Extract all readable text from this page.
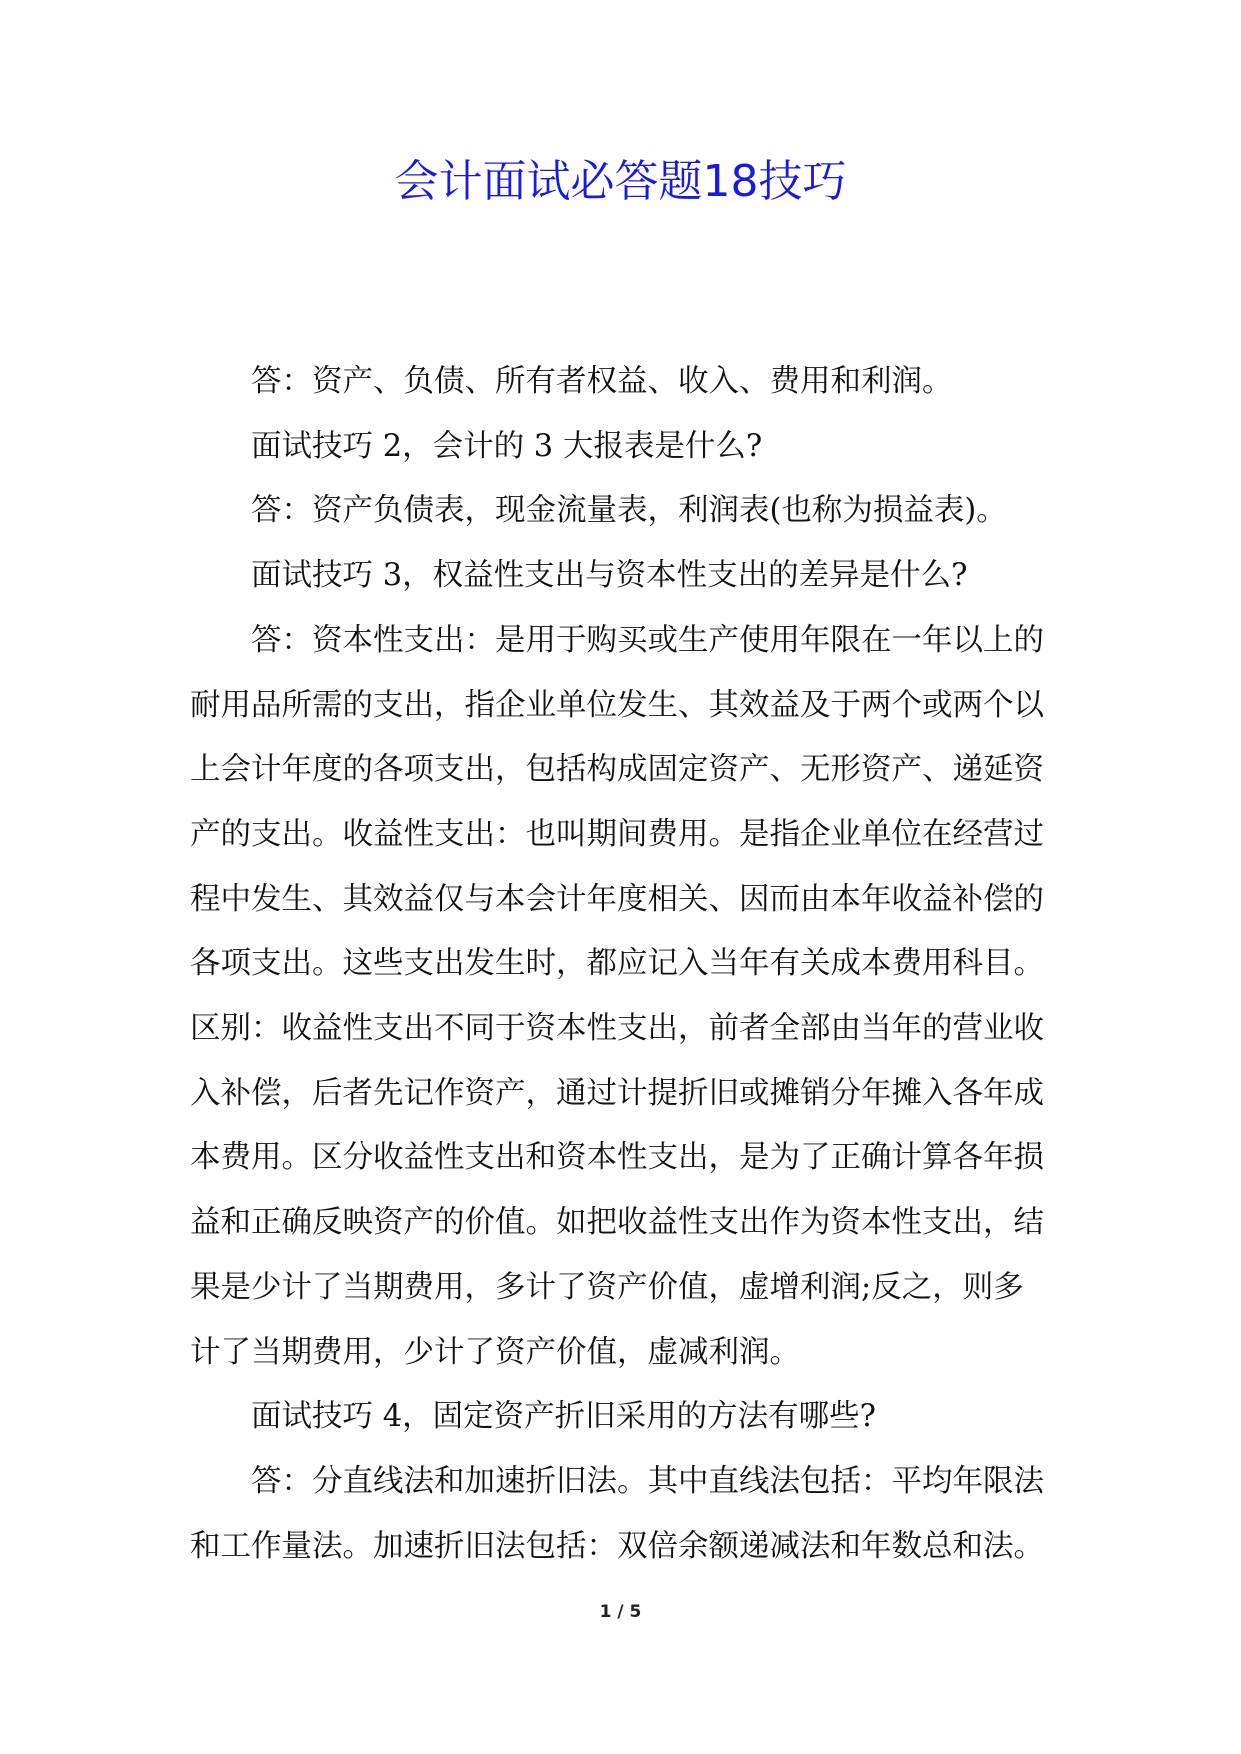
会计面试必答题18技巧
答：资产、负债、所有者权益、收入、费用和利润。
面试技巧 2，会计的 3 大报表是什么?
答：资产负债表，现金流量表，利润表(也称为损益表)。
面试技巧 3，权益性支出与资本性支出的差异是什么?
答：资本性支出：是用于购买或生产使用年限在一年以上的
耐用品所需的支出，指企业单位发生、其效益及于两个或两个以
上会计年度的各项支出，包括构成固定资产、无形资产、递延资
产的支出。收益性支出：也叫期间费用。是指企业单位在经营过
程中发生、其效益仅与本会计年度相关、因而由本年收益补偿的
各项支出。这些支出发生时，都应记入当年有关成本费用科目。
区别：收益性支出不同于资本性支出，前者全部由当年的营业收
入补偿，后者先记作资产，通过计提折旧或摊销分年摊入各年成
本费用。区分收益性支出和资本性支出，是为了正确计算各年损
益和正确反映资产的价值。如把收益性支出作为资本性支出，结
果是少计了当期费用，多计了资产价值，虚增利润;反之，则多
计了当期费用，少计了资产价值，虚减利润。
面试技巧 4，固定资产折旧采用的方法有哪些?
答：分直线法和加速折旧法。其中直线法包括：平均年限法
和工作量法。加速折旧法包括：双倍余额递减法和年数总和法。
1 / 5
